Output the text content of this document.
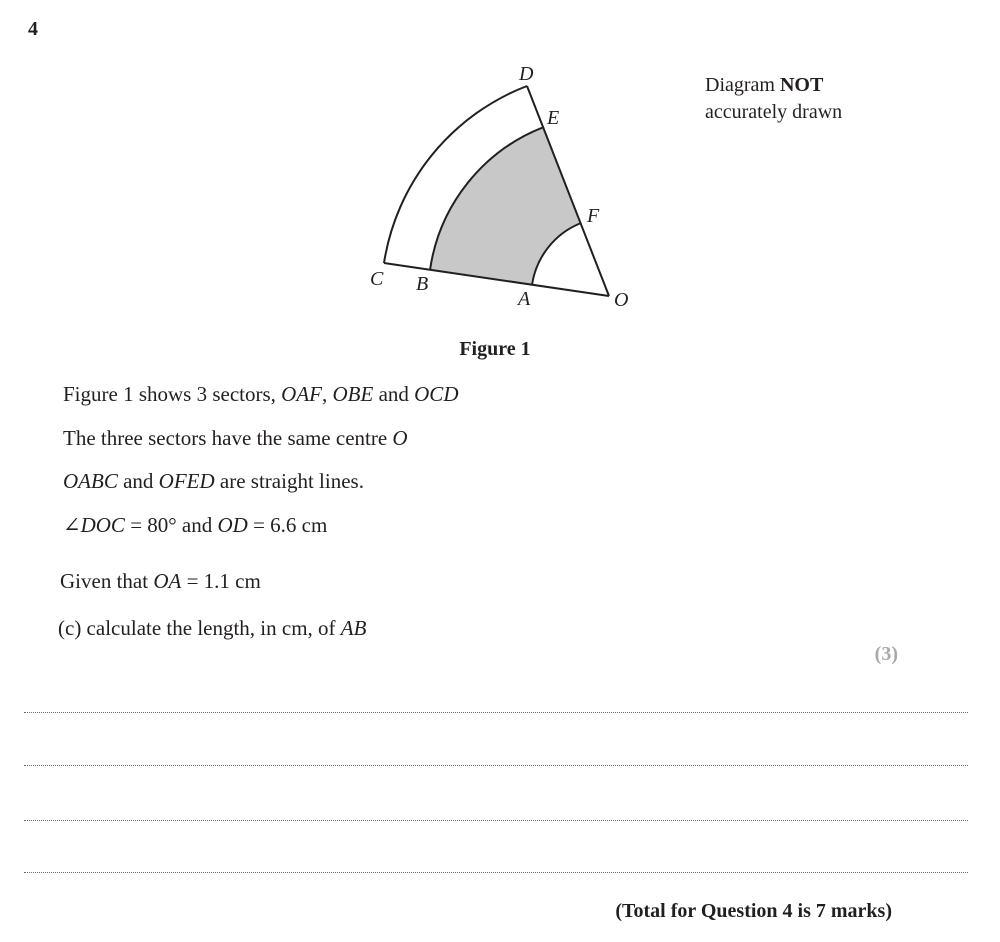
4
D
E
F
C B
A	O
Diagram NOT
accurately drawn
Figure 1
Figure 1 shows 3 sectors, OAF, OBE and OCD
The three sectors have the same centre O
OABC and OFED are straight lines.
∠DOC = 80° and OD = 6.6 cm
Given that OA = 1.1 cm
(c) calculate the length, in cm, of AB
(3)
(Total for Question 4 is 7 marks)
